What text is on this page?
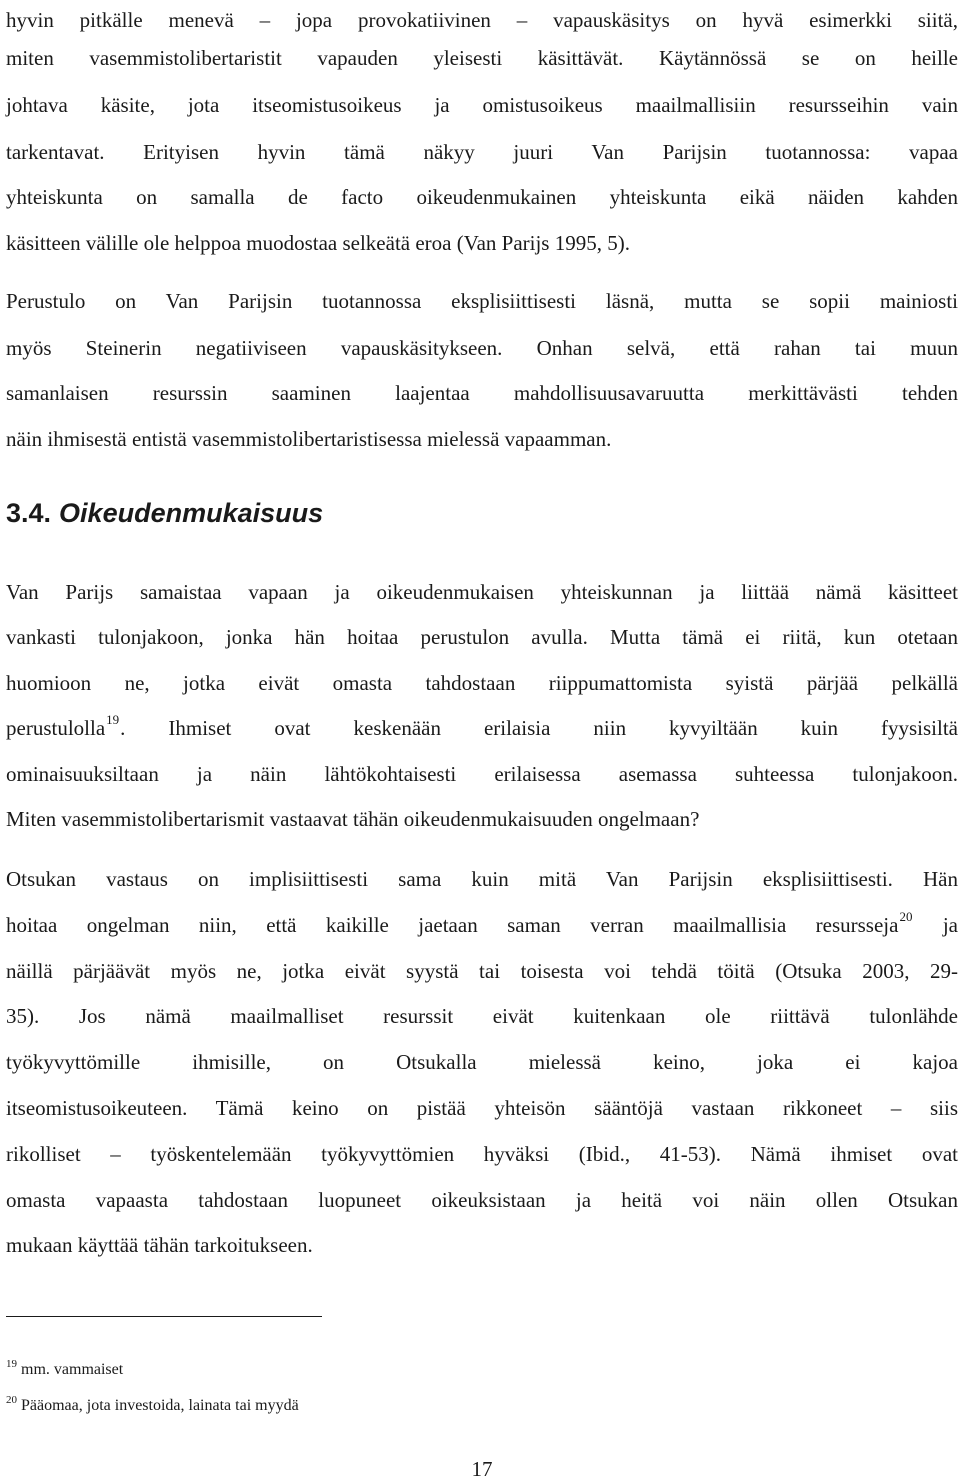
hyvin pitkälle menevä – jopa provokatiivinen – vapauskäsitys on hyvä esimerkki siitä,
miten vasemmistolibertaristit vapauden yleisesti käsittävät. Käytännössä se on heille
johtava käsite, jota itseomistusoikeus ja omistusoikeus maailmallisiin resursseihin vain
tarkentavat. Erityisen hyvin tämä näkyy juuri Van Parijsin tuotannossa: vapaa
yhteiskunta on samalla de facto oikeudenmukainen yhteiskunta eikä näiden kahden
käsitteen välille ole helppoa muodostaa selkeätä eroa (Van Parijs 1995, 5).
Perustulo on Van Parijsin tuotannossa eksplisiittisesti läsnä, mutta se sopii mainiosti
myös Steinerin negatiiviseen vapauskäsitykseen. Onhan selvä, että rahan tai muun
samanlaisen resurssin saaminen laajentaa mahdollisuusavaruutta merkittävästi tehden
näin ihmisestä entistä vasemmistolibertaristisessa mielessä vapaamman.
3.4. Oikeudenmukaisuus
Van Parijs samaistaa vapaan ja oikeudenmukaisen yhteiskunnan ja liittää nämä käsitteet
vankasti tulonjakoon, jonka hän hoitaa perustulon avulla. Mutta tämä ei riitä, kun otetaan
huomioon ne, jotka eivät omasta tahdostaan riippumattomista syistä pärjää pelkällä
perustulolla$^{19}$. Ihmiset ovat keskenään erilaisia niin kyvyiltään kuin fyysisiltä
ominaisuuksiltaan ja näin lähtökohtaisesti erilaisessa asemassa suhteessa tulonjakoon.
Miten vasemmistolibertarismit vastaavat tähän oikeudenmukaisuuden ongelmaan?
Otsukan vastaus on implisiittisesti sama kuin mitä Van Parijsin eksplisiittisesti. Hän
hoitaa ongelman niin, että kaikille jaetaan saman verran maailmallisia resursseja$^{20}$ ja
näillä pärjäävät myös ne, jotka eivät syystä tai toisesta voi tehdä töitä (Otsuka 2003, 29-
35). Jos nämä maailmalliset resurssit eivät kuitenkaan ole riittävä tulonlähde
työkyvyttömille ihmisille, on Otsukalla mielessä keino, joka ei kajoa
itseomistusoikeuteen. Tämä keino on pistää yhteisön sääntöjä vastaan rikkoneet – siis
rikolliset – työskentelemään työkyvyttömien hyväksi (Ibid., 41-53). Nämä ihmiset ovat
omasta vapaasta tahdostaan luopuneet oikeuksistaan ja heitä voi näin ollen Otsukan
mukaan käyttää tähän tarkoitukseen.
$^{19}$ mm. vammaiset
$^{20}$ Pääomaa, jota investoida, lainata tai myydä
17
